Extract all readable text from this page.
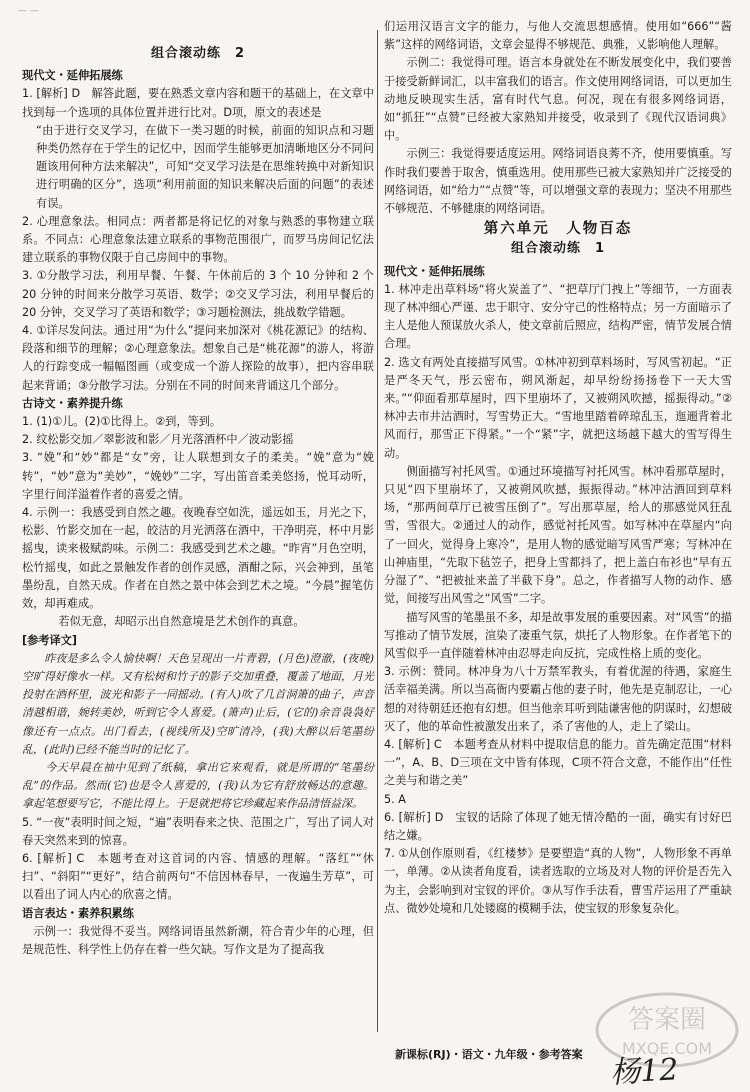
— —
组合滚动练　2
现代文・延伸拓展练
1. [解析] D　解答此题，要在熟悉文章内容和题干的基础上，在文章中找到每一个选项的具体位置并进行比对。D项，原文的表述是
“由于进行交叉学习，在做下一类习题的时候，前面的知识点和习题种类仍然存在于学生的记忆中，因而学生能够更加清晰地区分不同问题该用何种方法来解决”，可知“交叉学习法是在思维转换中对新知识进行明确的区分”，选项“利用前面的知识来解决后面的问题”的表述有误。
2. 心理意象法。相同点：两者都是将记忆的对象与熟悉的事物建立联系。不同点：心理意象法建立联系的事物范围很广，而罗马房间记忆法建立联系的事物仅限于自己房间中的事物。
3. ①分散学习法，利用早餐、午餐、午休前后的 3 个 10 分钟和 2 个 20 分钟的时间来分散学习英语、数学；②交叉学习法，利用早餐后的 20 分钟，交叉学习了英语和数学；③习题检测法，挑战数学错题。
4. ①详尽发问法。通过用“为什么”提问来加深对《桃花源记》的结构、段落和细节的理解；②心理意象法。想象自己是“桃花源”的游人，将游人的行踪变成一幅幅图画（或变成一个游人探险的故事），把内容串联起来背诵；③分散学习法。分别在不同的时间来背诵这几个部分。
古诗文・素养提升练
1. (1)①儿。(2)①比得上。②到，等到。
2. 纹松影交加／翠影波和影／月光落酒杯中／波动影摇
3. “娩”和“妙”都是“女”旁，让人联想到女子的柔美。“娩”意为“娩转”，“妙”意为“美妙”，“娩妙”二字，写出笛音柔美悠扬，悦耳动听，字里行间洋溢着作者的喜爱之情。
4. 示例一：我感受到自然之趣。夜晚春空如洗，遥远如玉，月光之下，松影、竹影交加在一起，皎洁的月光洒落在酒中，干净明亮，杯中月影摇曳，读来极赋韵味。示例二：我感受到艺术之趣。“昨宵”月色空明，松竹摇曳，如此之景触发作者的创作灵感，酒酣之际，兴会神到，虽笔墨纷乱，自然天成。作者在自然之景中体会到艺术之境。“今晨”握笔仿效，却再难成。
　　若似无意，却昭示出自然意境是艺术创作的真意。
[参考译文]
　　昨夜是多么令人愉快啊！天色呈现出一片青碧，(月色)澄澈，(夜晚)空旷得好像水一样。又有松树和竹子的影子交加重叠，覆盖了地面，月光投射在酒杯里，波光和影子一同摇动。(有人)吹了几首洞箫的曲子，声音清越相谐，婉转美妙，听到它令人喜爱。(箫声)止后，(它的)余音袅袅好像还有一点点。出门看去，(视线所及)空旷清冷，(我)大醉以后笔墨纷乱，(此时)已经不能当时的记忆了。
　　今天早晨在袖中见到了纸稿，拿出它来观看，就是所谓的“笔墨纷乱”的作品。然而(它)也是令人喜爱的，(我)认为它有舒放畅达的意趣。拿起笔想要写它，不能比得上。于是就把将它珍藏起来作品清悟益深。
5. “一夜”表明时间之短，“遍”表明春来之快、范围之广，写出了词人对春天突然来到的惊喜。
6. [解析] C　本题考查对这首词的内容、情感的理解。“落红”“休扫”、“斜阳”“更好”，结合前两句“不信因林春早，一夜遍生芳草”，可以看出了词人内心的欣喜之情。
语言表达・素养积累练
　示例一：我觉得不妥当。网络词语虽然新潮，符合青少年的心理，但是规范性、科学性上仍存在着一些欠缺。写作文是为了提高我
们运用汉语言文字的能力，与他人交流思想感情。使用如“666”“酱紫”这样的网络词语，文章会显得不够规范、典雅，乂影响他人理解。
　　示例二：我觉得可理。语言本身就处在不断发展变化中，我们要善于接受新鲜词汇，以丰富我们的语言。作文使用网络词语，可以更加生动地反映现实生活，富有时代气息。何况，现在有很多网络词语，如“抓狂”“点赞”已经被大家熟知并接受，收录到了《现代汉语词典》中。
　　示例三：我觉得要适度运用。网络词语良莠不齐，使用要慎重。写作时我们要善于取舍，慎重选用。使用那些已被大家熟知并广泛接受的网络词语，如“给力”“点赞”等，可以增强文章的表现力；坚决不用那些不够规范、不够健康的网络词语。
第六单元　人物百态
组合滚动练　1
现代文・延伸拓展练
1. 林冲走出草料场“将火炭盖了”、“把草厅门拽上”等细节，一方面表现了林冲细心严谨、忠于职守、安分守己的性格特点；另一方面暗示了主人是他人预谋放火杀人，使文章前后照应，结构严密，情节发展合情合理。
2. 选文有两处直接描写风雪。①林冲初到草料场时，写风雪初起。“正是严冬天气，彤云密布，朔风渐起，却早纷纷扬扬卷下一天大雪来。”“仰面看那草屋时，四下里崩坏了，又被朔风吹撼，摇振得动。”②林冲去市井沽酒时，写雪势正大。“雪地里踏着碎琼乱玉，迤逦背着北风而行，那雪正下得紧。”一个“紧”字，就把这场越下越大的雪写得生动。
　　侧面描写衬托风雪。①通过环境描写衬托风雪。林冲看那草屋时，只见“四下里崩坏了，又被朔风吹撼，振振得动。”林冲沽酒回到草料场，“那两间草厅已被雪压倒了”。写出那草屋，给人的那感觉风狂乱雪，雪很大。②通过人的动作，感觉衬托风雪。如写林冲在草屋内“向了一回火，觉得身上寒冷”，是用人物的感觉暗写风雪严寒；写林冲在山神庙里，“先取下毡笠子，把身上雪都抖了，把上盖白布衫也“早有五分湿了”、“把被扯来盖了半截下身”。总之，作者描写人物的动作、感觉，间接写出风雪之“风雪”二字。
　　描写风雪的笔墨虽不多，却是故事发展的重要因素。对“风雪”的描写推动了情节发展，渲染了凄重气氛，烘托了人物形象。在作者笔下的风雪似乎一直伴随着林冲由忍辱走向反抗，完成性格上质的变化。
3. 示例：赞同。林冲身为八十万禁军教头，有着优渥的待遇，家庭生活幸福美满。所以当高衙内要霸占他的妻子时，他先是克制忍让，一心想的对待朝廷还抱有幻想。但当他亲耳听到陆谦害他的阴谋时，幻想破灭了，他的革命性被激发出来了，杀了害他的人，走上了梁山。
4. [解析] C　本题考查从材料中提取信息的能力。首先确定范围“材料一”，A、B、D三项在文中皆有体现，C项不符合文意，不能作出“任性之美与和谐之美”
5. A
6. [解析] D　宝钗的话除了体现了她无情冷酷的一面，确实有讨好巴结之嫌。
7. ①从创作原则看，《红楼梦》是要塑造“真的人物”，人物形象不再单一，单薄。②从读者角度看，读者选取的立场及对人物的评价是否先入为主，会影响到对宝钗的评价。③从写作手法看，曹雪芹运用了严重缺点、微妙处境和几处镂腐的模糊手法，使宝钗的形象复杂化。
答案圈
MXQE.COM
新课标(RJ)・语文・九年级・参考答案 杨12
